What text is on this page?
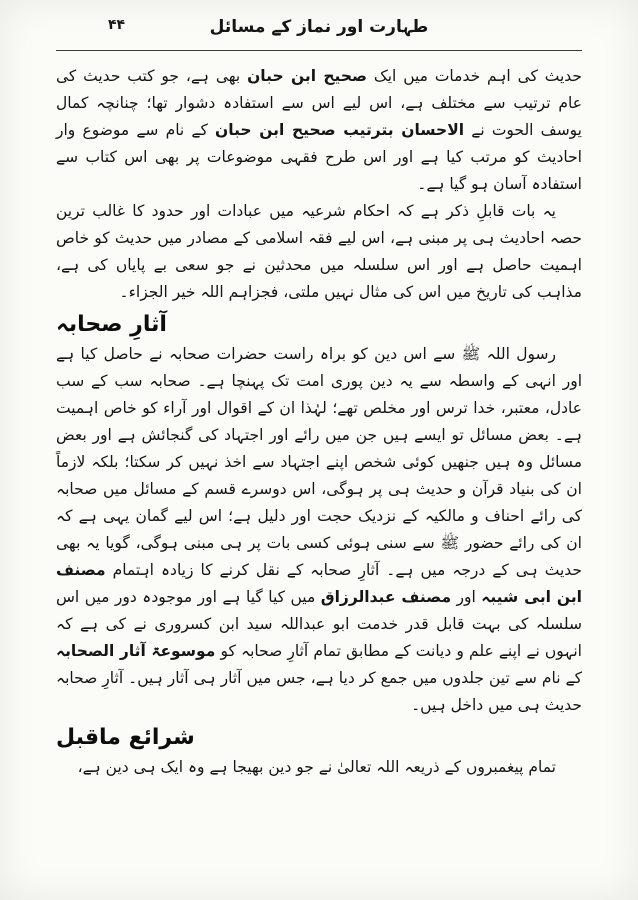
۴۴	طہارت اور نماز کے مسائل

حدیث کی اہم خدمات میں ایک صحیح ابن حبان بھی ہے، جو کتب حدیث کی عام ترتیب سے مختلف ہے، اس لیے اس سے استفادہ دشوار تھا؛ چنانچہ کمال یوسف الحوت نے الاحسان بترتیب صحیح ابن حبان کے نام سے موضوع وار احادیث کو مرتب کیا ہے اور اس طرح فقہی موضوعات پر بھی اس کتاب سے استفادہ آسان ہو گیا ہے۔

یہ بات قابلِ ذکر ہے کہ احکام شرعیہ میں عبادات اور حدود کا غالب ترین حصہ احادیث ہی پر مبنی ہے، اس لیے فقہ اسلامی کے مصادر میں حدیث کو خاص اہمیت حاصل ہے اور اس سلسلہ میں محدثین نے جو سعی بے پایاں کی ہے، مذاہب کی تاریخ میں اس کی مثال نہیں ملتی، فجزاہم اللہ خیر الجزاء۔

آثارِ صحابہ

رسول اللہ ﷺ سے اس دین کو براہ راست حضرات صحابہ نے حاصل کیا ہے اور انہی کے واسطہ سے یہ دین پوری امت تک پہنچا ہے۔ صحابہ سب کے سب عادل، معتبر، خدا ترس اور مخلص تھے؛ لہٰذا ان کے اقوال اور آراء کو خاص اہمیت ہے۔ بعض مسائل تو ایسے ہیں جن میں رائے اور اجتہاد کی گنجائش ہے اور بعض مسائل وہ ہیں جنھیں کوئی شخص اپنے اجتہاد سے اخذ نہیں کر سکتا؛ بلکہ لازماً ان کی بنیاد قرآن و حدیث ہی پر ہوگی، اس دوسرے قسم کے مسائل میں صحابہ کی رائے احناف و مالکیہ کے نزدیک حجت اور دلیل ہے؛ اس لیے گمان یہی ہے کہ ان کی رائے حضور ﷺ سے سنی ہوئی کسی بات پر ہی مبنی ہوگی، گویا یہ بھی حدیث ہی کے درجہ میں ہے۔ آثارِ صحابہ کے نقل کرنے کا زیادہ اہتمام مصنف ابن ابی شیبہ اور مصنف عبدالرزاق میں کیا گیا ہے اور موجودہ دور میں اس سلسلہ کی بہت قابل قدر خدمت ابو عبداللہ سید ابن کسروری نے کی ہے کہ انہوں نے اپنے علم و دیانت کے مطابق تمام آثارِ صحابہ کو موسوعۃ آثار الصحابہ کے نام سے تین جلدوں میں جمع کر دیا ہے، جس میں آثار ہی آثار ہیں۔ آثارِ صحابہ حدیث ہی میں داخل ہیں۔

شرائع ماقبل

تمام پیغمبروں کے ذریعہ اللہ تعالیٰ نے جو دین بھیجا ہے وہ ایک ہی دین ہے،
